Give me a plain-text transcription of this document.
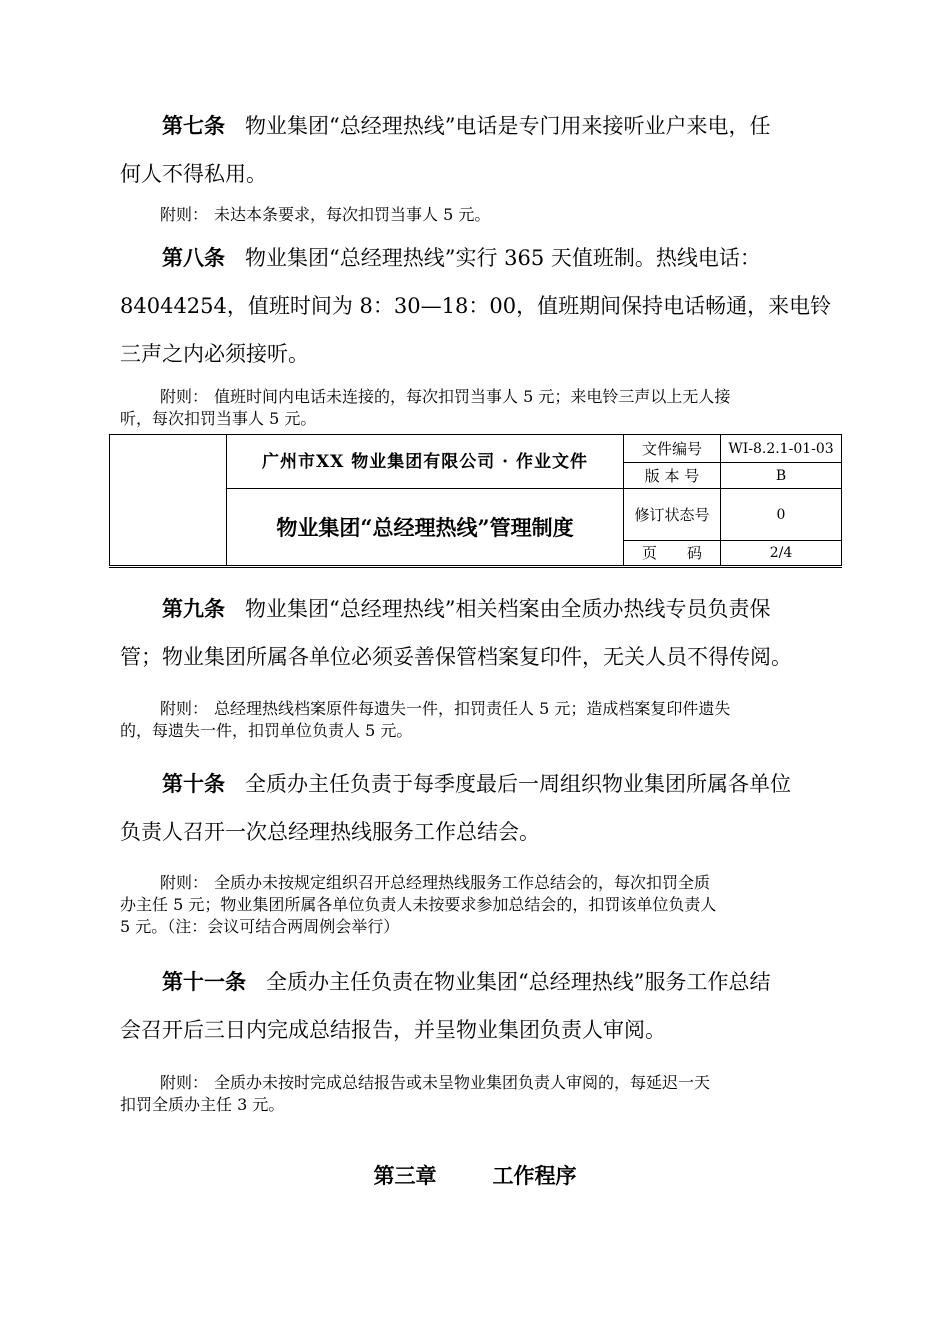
第七条 物业集团“总经理热线”电话是专门用来接听业户来电，任

何人不得私用。

附则： 未达本条要求，每次扣罚当事人 5 元。

第八条 物业集团“总经理热线”实行 365 天值班制。热线电话：

84044254，值班时间为 8：30—18：00，值班期间保持电话畅通，来电铃

三声之内必须接听。

附则： 值班时间内电话未连接的，每次扣罚当事人 5 元；来电铃三声以上无人接

听，每次扣罚当事人 5 元。

	广州市XX 物业集团有限公司 · 作业文件	文件编号	WI-8.2.1-01-03
		版 本 号	B
	物业集团“总经理热线”管理制度	修订状态号	0
		页　　码	2/4

第九条 物业集团“总经理热线”相关档案由全质办热线专员负责保

管；物业集团所属各单位必须妥善保管档案复印件，无关人员不得传阅。

附则： 总经理热线档案原件每遗失一件，扣罚责任人 5 元；造成档案复印件遗失

的，每遗失一件，扣罚单位负责人 5 元。

第十条 全质办主任负责于每季度最后一周组织物业集团所属各单位

负责人召开一次总经理热线服务工作总结会。

附则： 全质办未按规定组织召开总经理热线服务工作总结会的，每次扣罚全质

办主任 5 元；物业集团所属各单位负责人未按要求参加总结会的，扣罚该单位负责人

5 元。（注：会议可结合两周例会举行）

第十一条 全质办主任负责在物业集团“总经理热线”服务工作总结

会召开后三日内完成总结报告，并呈物业集团负责人审阅。

附则： 全质办未按时完成总结报告或未呈物业集团负责人审阅的，每延迟一天

扣罚全质办主任 3 元。

第三章	工作程序
